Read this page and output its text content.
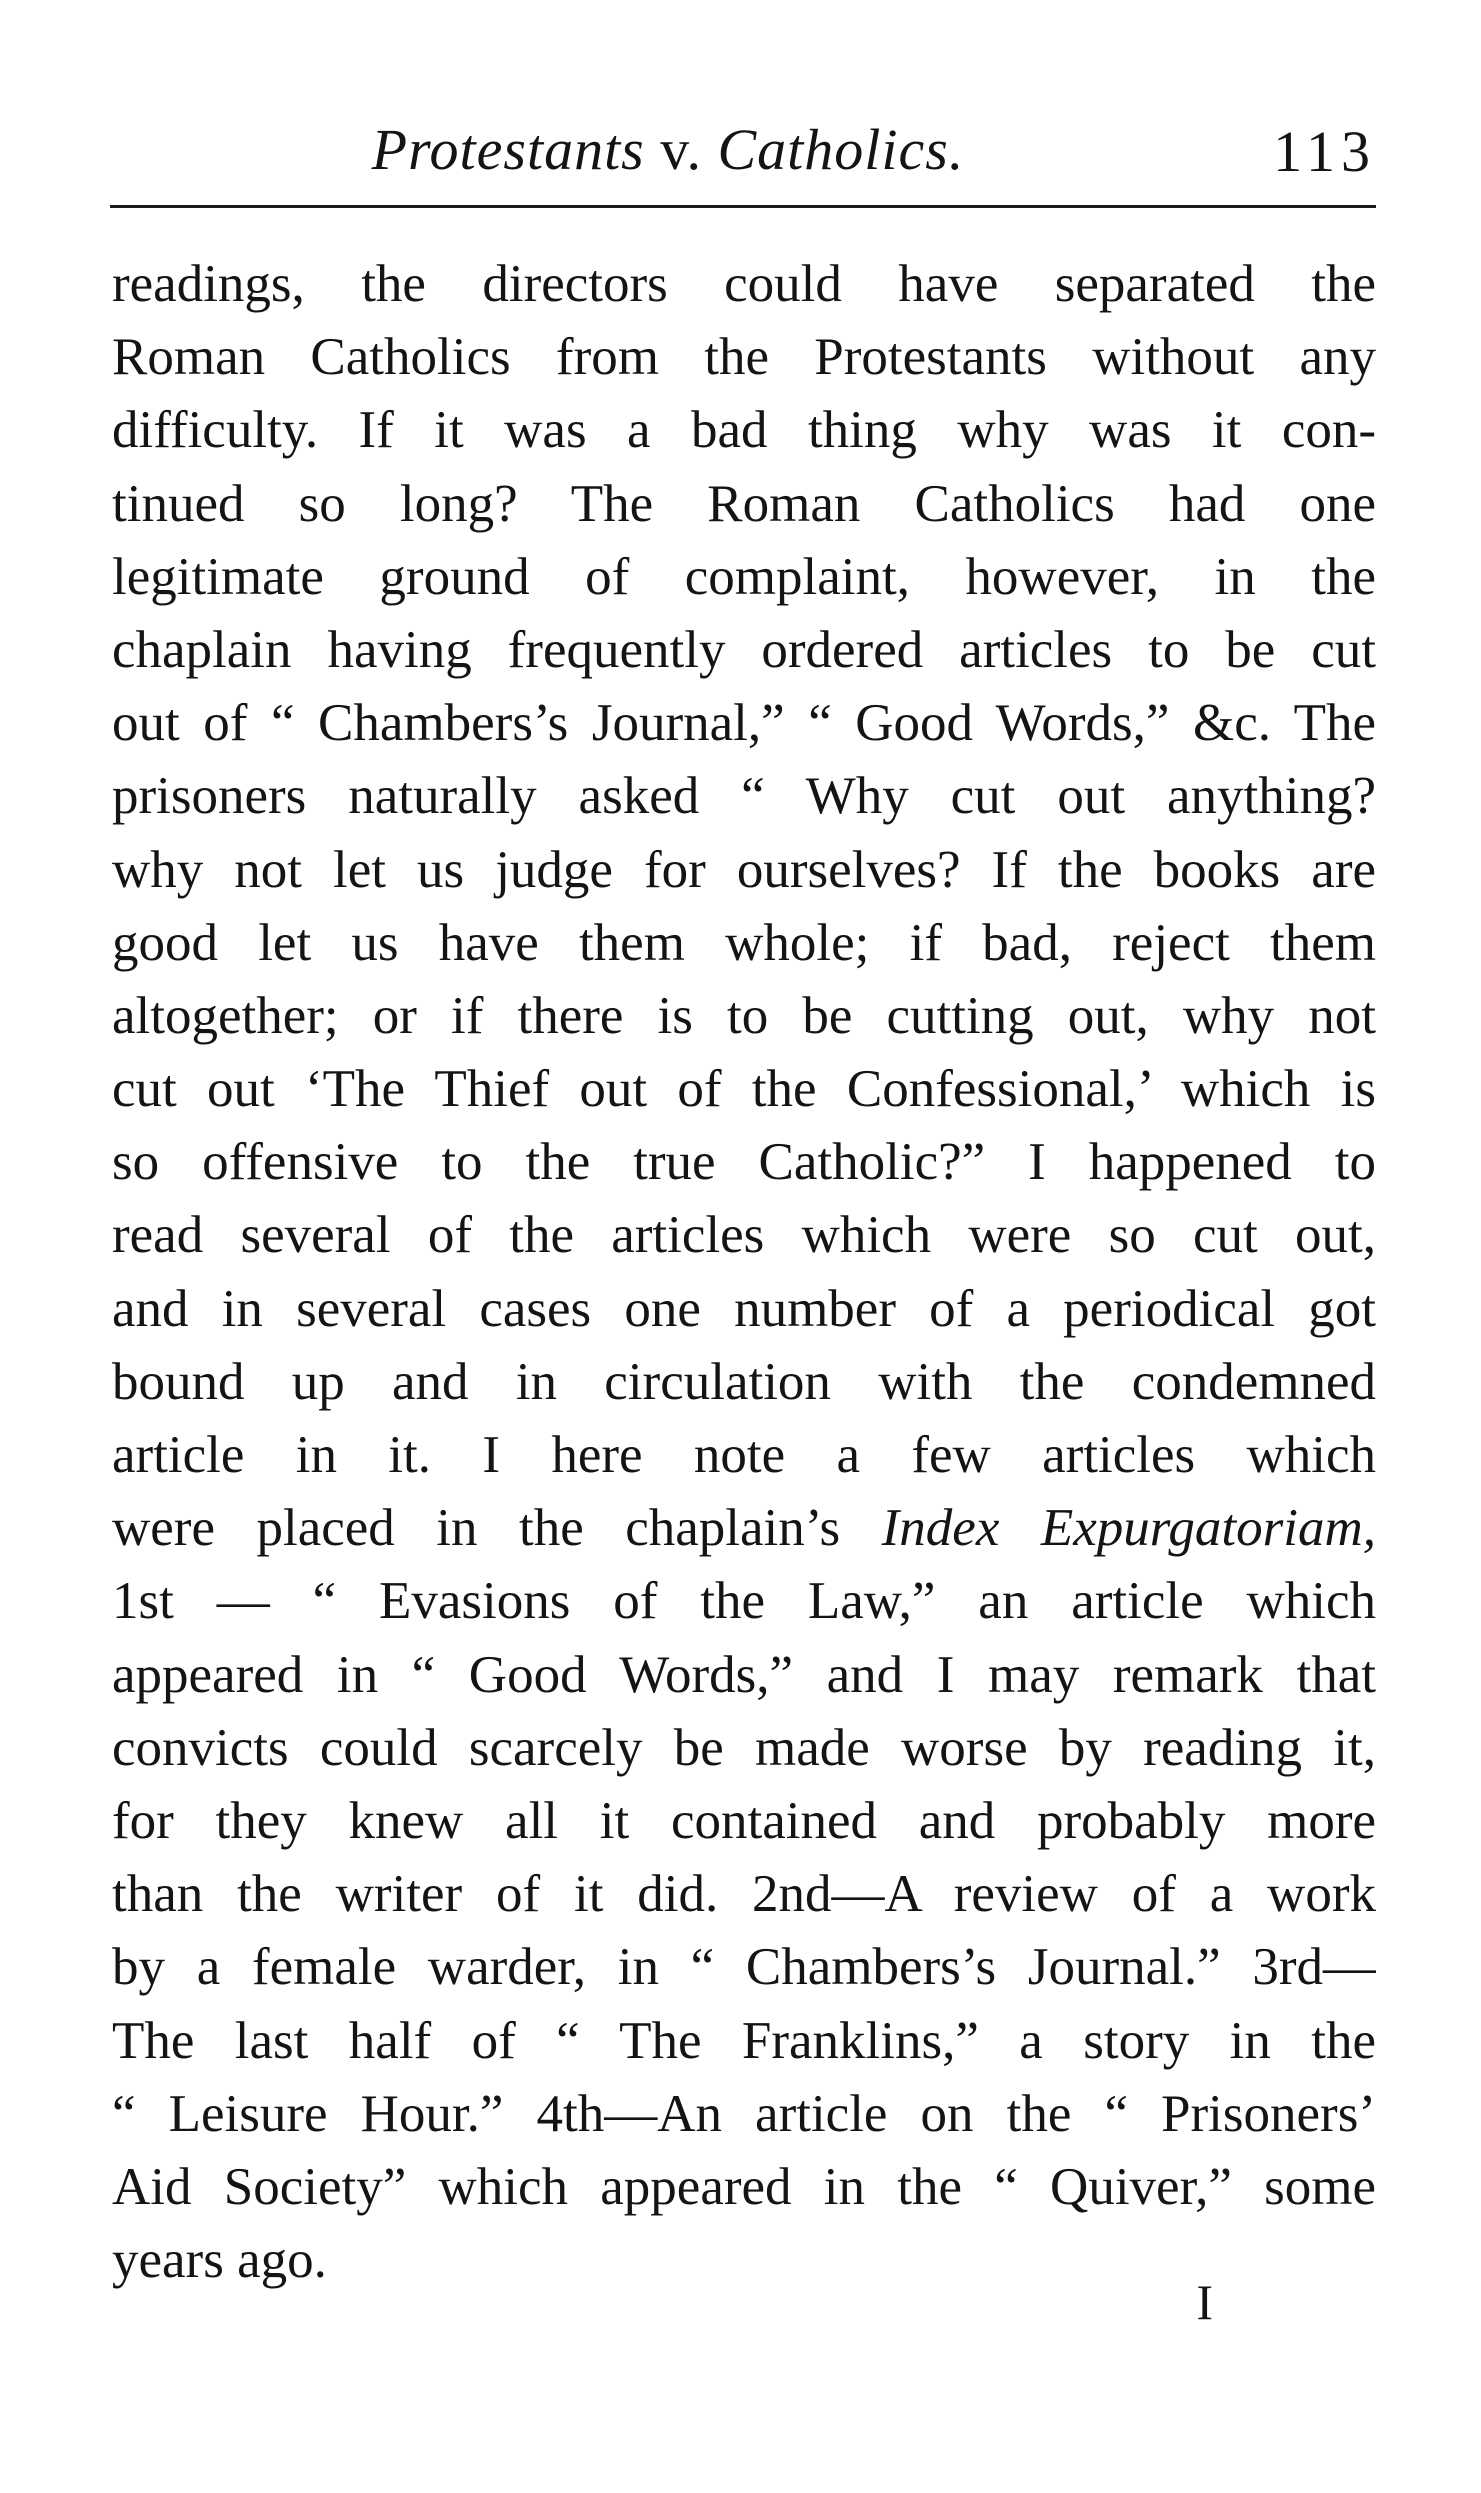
Protestants v. Catholics.	113
readings, the directors could have separated the
Roman Catholics from the Protestants without any
difficulty. If it was a bad thing why was it con-
tinued so long? The Roman Catholics had one
legitimate ground of complaint, however, in the
chaplain having frequently ordered articles to be cut
out of “ Chambers’s Journal,” “ Good Words,” &c. The
prisoners naturally asked “ Why cut out anything?
why not let us judge for ourselves? If the books are
good let us have them whole; if bad, reject them
altogether; or if there is to be cutting out, why not
cut out ‘The Thief out of the Confessional,’ which is
so offensive to the true Catholic?” I happened to
read several of the articles which were so cut out,
and in several cases one number of a periodical got
bound up and in circulation with the condemned
article in it. I here note a few articles which
were placed in the chaplain’s Index Expurgatoriam,
1st — “ Evasions of the Law,” an article which
appeared in “ Good Words,” and I may remark that
convicts could scarcely be made worse by reading it,
for they knew all it contained and probably more
than the writer of it did. 2nd—A review of a work
by a female warder, in “ Chambers’s Journal.” 3rd—
The last half of “ The Franklins,” a story in the
“ Leisure Hour.” 4th—An article on the “ Prisoners’
Aid Society” which appeared in the “ Quiver,” some
years ago.
I
